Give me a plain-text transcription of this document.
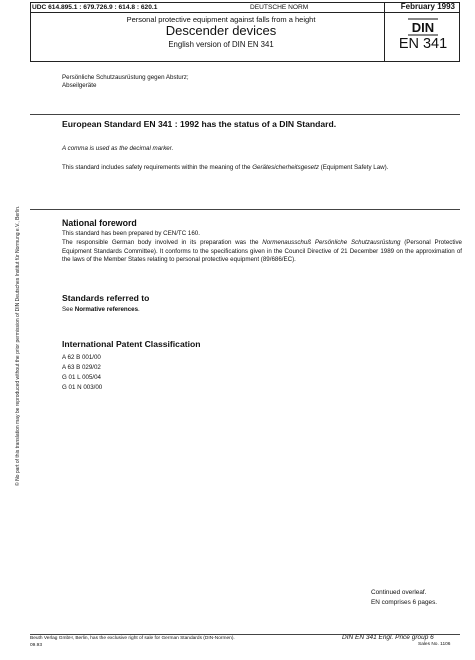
UDC 614.895.1 : 679.726.9 : 614.8 : 620.1	DEUTSCHE NORM	February 1993
Personal protective equipment against falls from a height
Descender devices
English version of DIN EN 341
DIN
EN 341
© No part of this translation may be reproduced without the prior permission of DIN Deutsches Institut für Normung e.V., Berlin.
Persönliche Schutzausrüstung gegen Absturz;
Abseilgeräte
European Standard EN 341 : 1992 has the status of a DIN Standard.
A comma is used as the decimal marker.
This standard includes safety requirements within the meaning of the Gerätesicherheitsgesetz (Equipment Safety Law).
National foreword
This standard has been prepared by CEN/TC 160.
The responsible German body involved in its preparation was the Normenausschuß Persönliche Schutzausrüstung (Personal Protective Equipment Standards Committee). It conforms to the specifications given in the Council Directive of 21 December 1989 on the approximation of the laws of the Member States relating to personal protective equipment (89/686/EC).
Standards referred to
See Normative references.
International Patent Classification
A 62 B 001/00
A 63 B 029/02
G 01 L 005/04
G 01 N 003/00
Continued overleaf.
EN comprises 6 pages.
Beuth Verlag GmbH, Berlin, has the exclusive right of sale for German Standards (DIN-Normen).
09.93
DIN EN 341 Engl. Price group 6
Sales No. 1106
